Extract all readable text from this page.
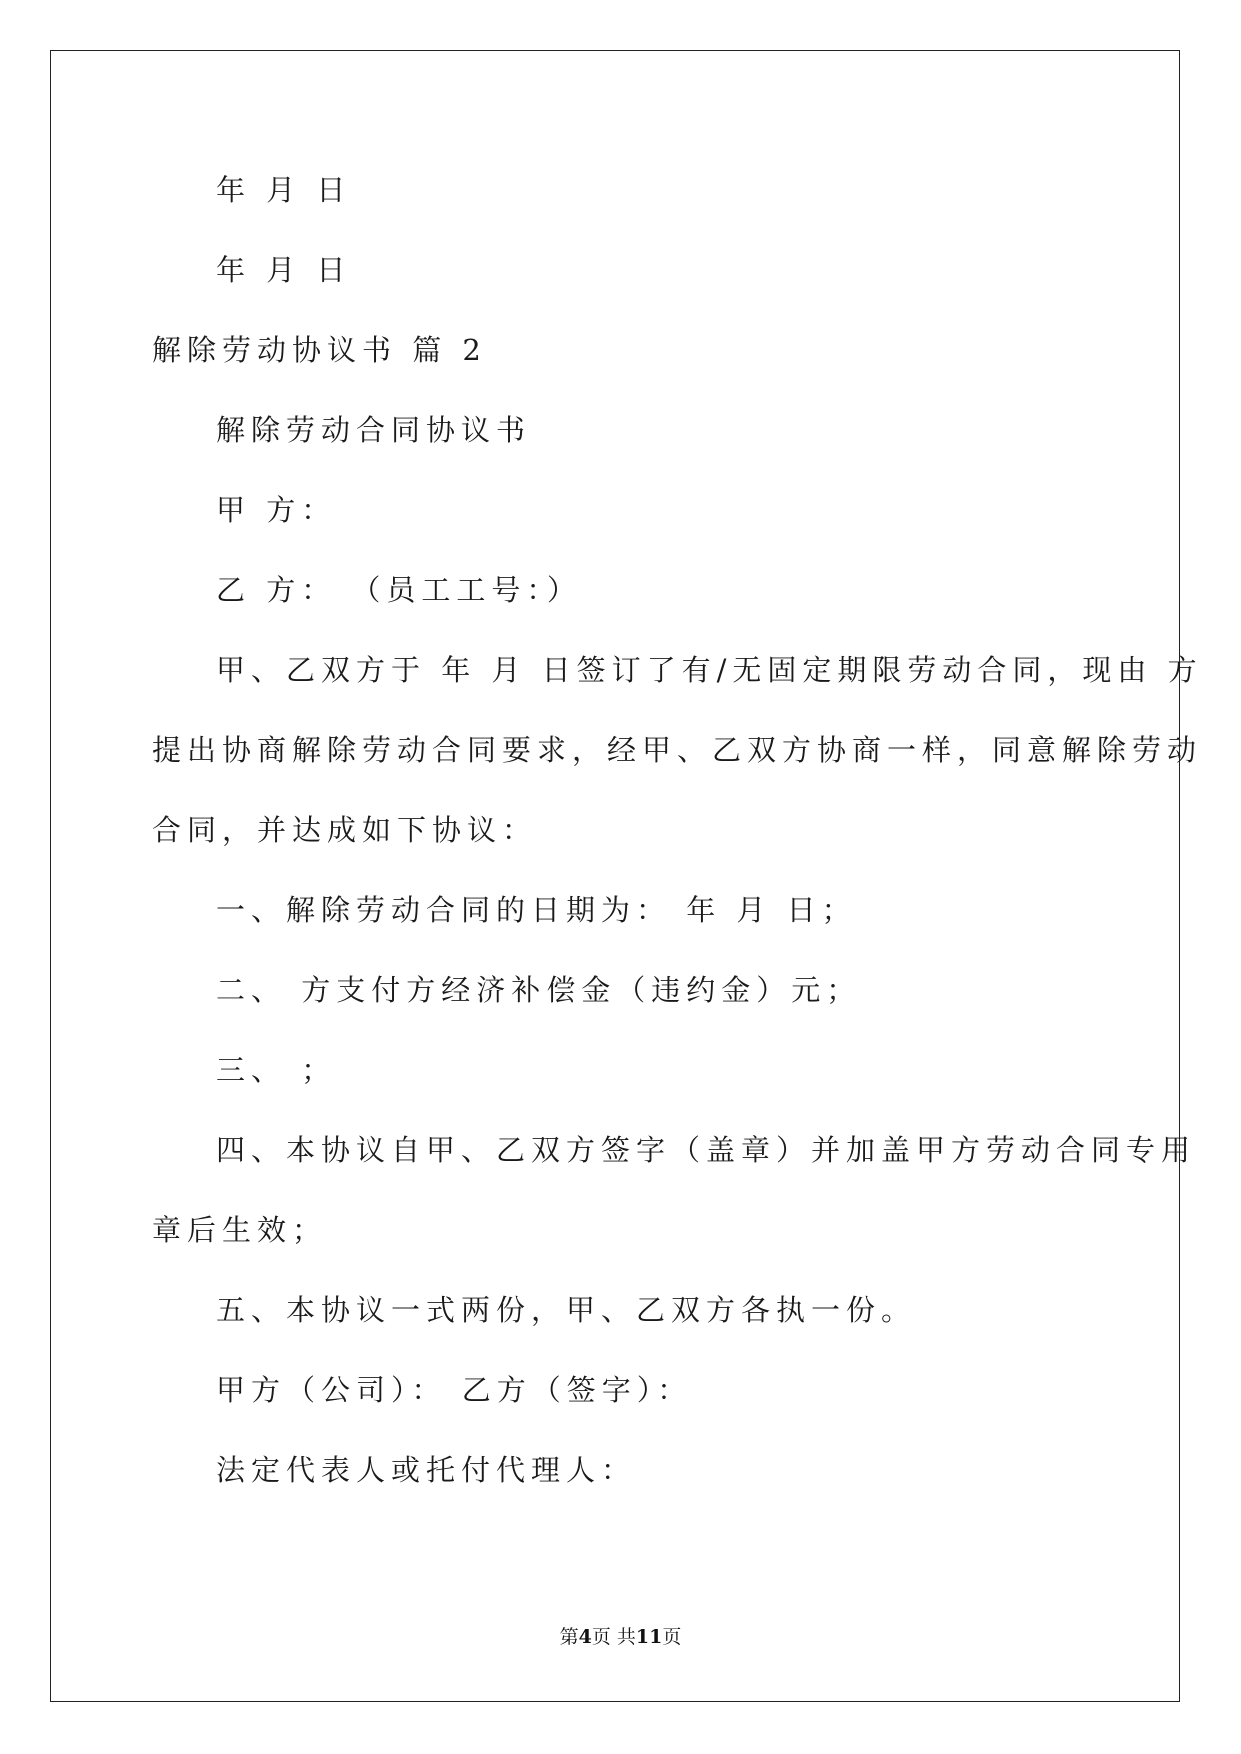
年 月 日
年 月 日
解除劳动协议书 篇 2
解除劳动合同协议书
甲 方：
乙 方： （员工工号：）
甲、乙双方于 年 月 日签订了有/无固定期限劳动合同，现由 方
提出协商解除劳动合同要求，经甲、乙双方协商一样，同意解除劳动
合同，并达成如下协议：
一、解除劳动合同的日期为： 年 月 日；
二、 方支付方经济补偿金（违约金）元；
三、 ；
四、本协议自甲、乙双方签字（盖章）并加盖甲方劳动合同专用
章后生效；
五、本协议一式两份，甲、乙双方各执一份。
甲方（公司）： 乙方（签字）：
法定代表人或托付代理人：
第4页 共11页
